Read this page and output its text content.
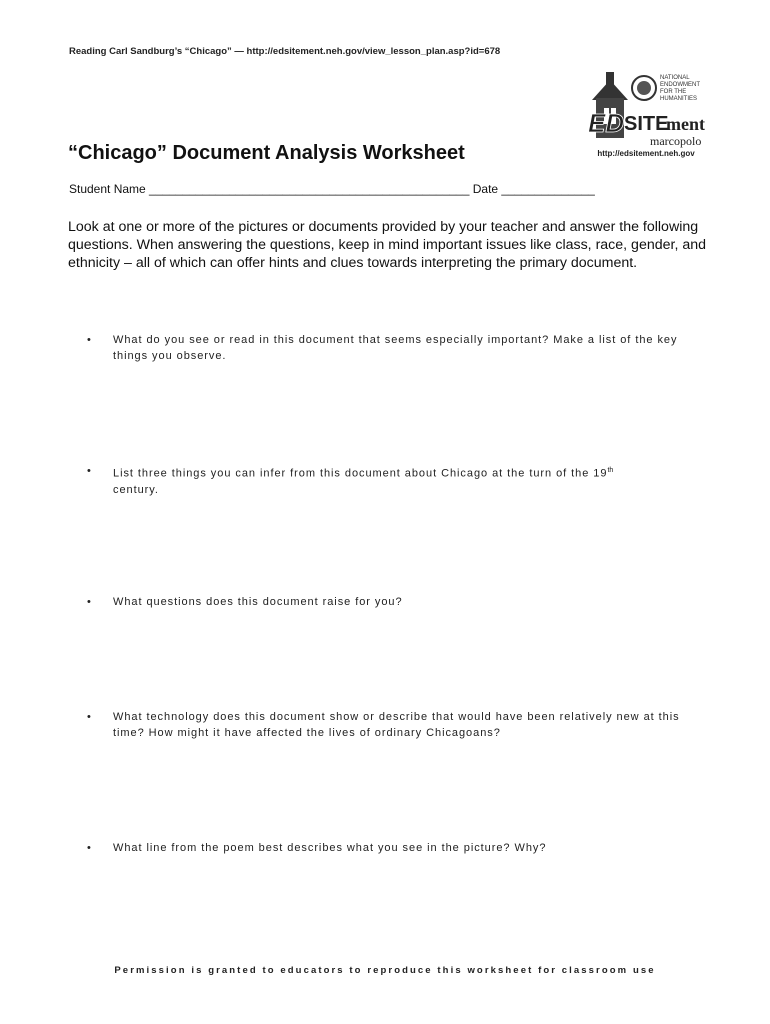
Reading Carl Sandburg’s “Chicago” — http://edsitement.neh.gov/view_lesson_plan.asp?id=678
NATIONAL
ENDOWMENT
FOR THE
HUMANITIES
ED SITE
ment
marcopolo
http://edsitement.neh.gov
“Chicago” Document Analysis Worksheet
Student Name ________________________________________________ Date ______________

Look at one or more of the pictures or documents provided by your teacher and answer the following questions. When answering the questions, keep in mind important issues like class, race, gender, and ethnicity – all of which can offer hints and clues towards interpreting the primary document.

• What do you see or read in this document that seems especially important? Make a list of the key things you observe.
• List three things you can infer from this document about Chicago at the turn of the 19th
century.
• What questions does this document raise for you?
• What technology does this document show or describe that would have been relatively new at this time? How might it have affected the lives of ordinary Chicagoans?
• What line from the poem best describes what you see in the picture? Why?
Permission is granted to educators to reproduce this worksheet for classroom use
